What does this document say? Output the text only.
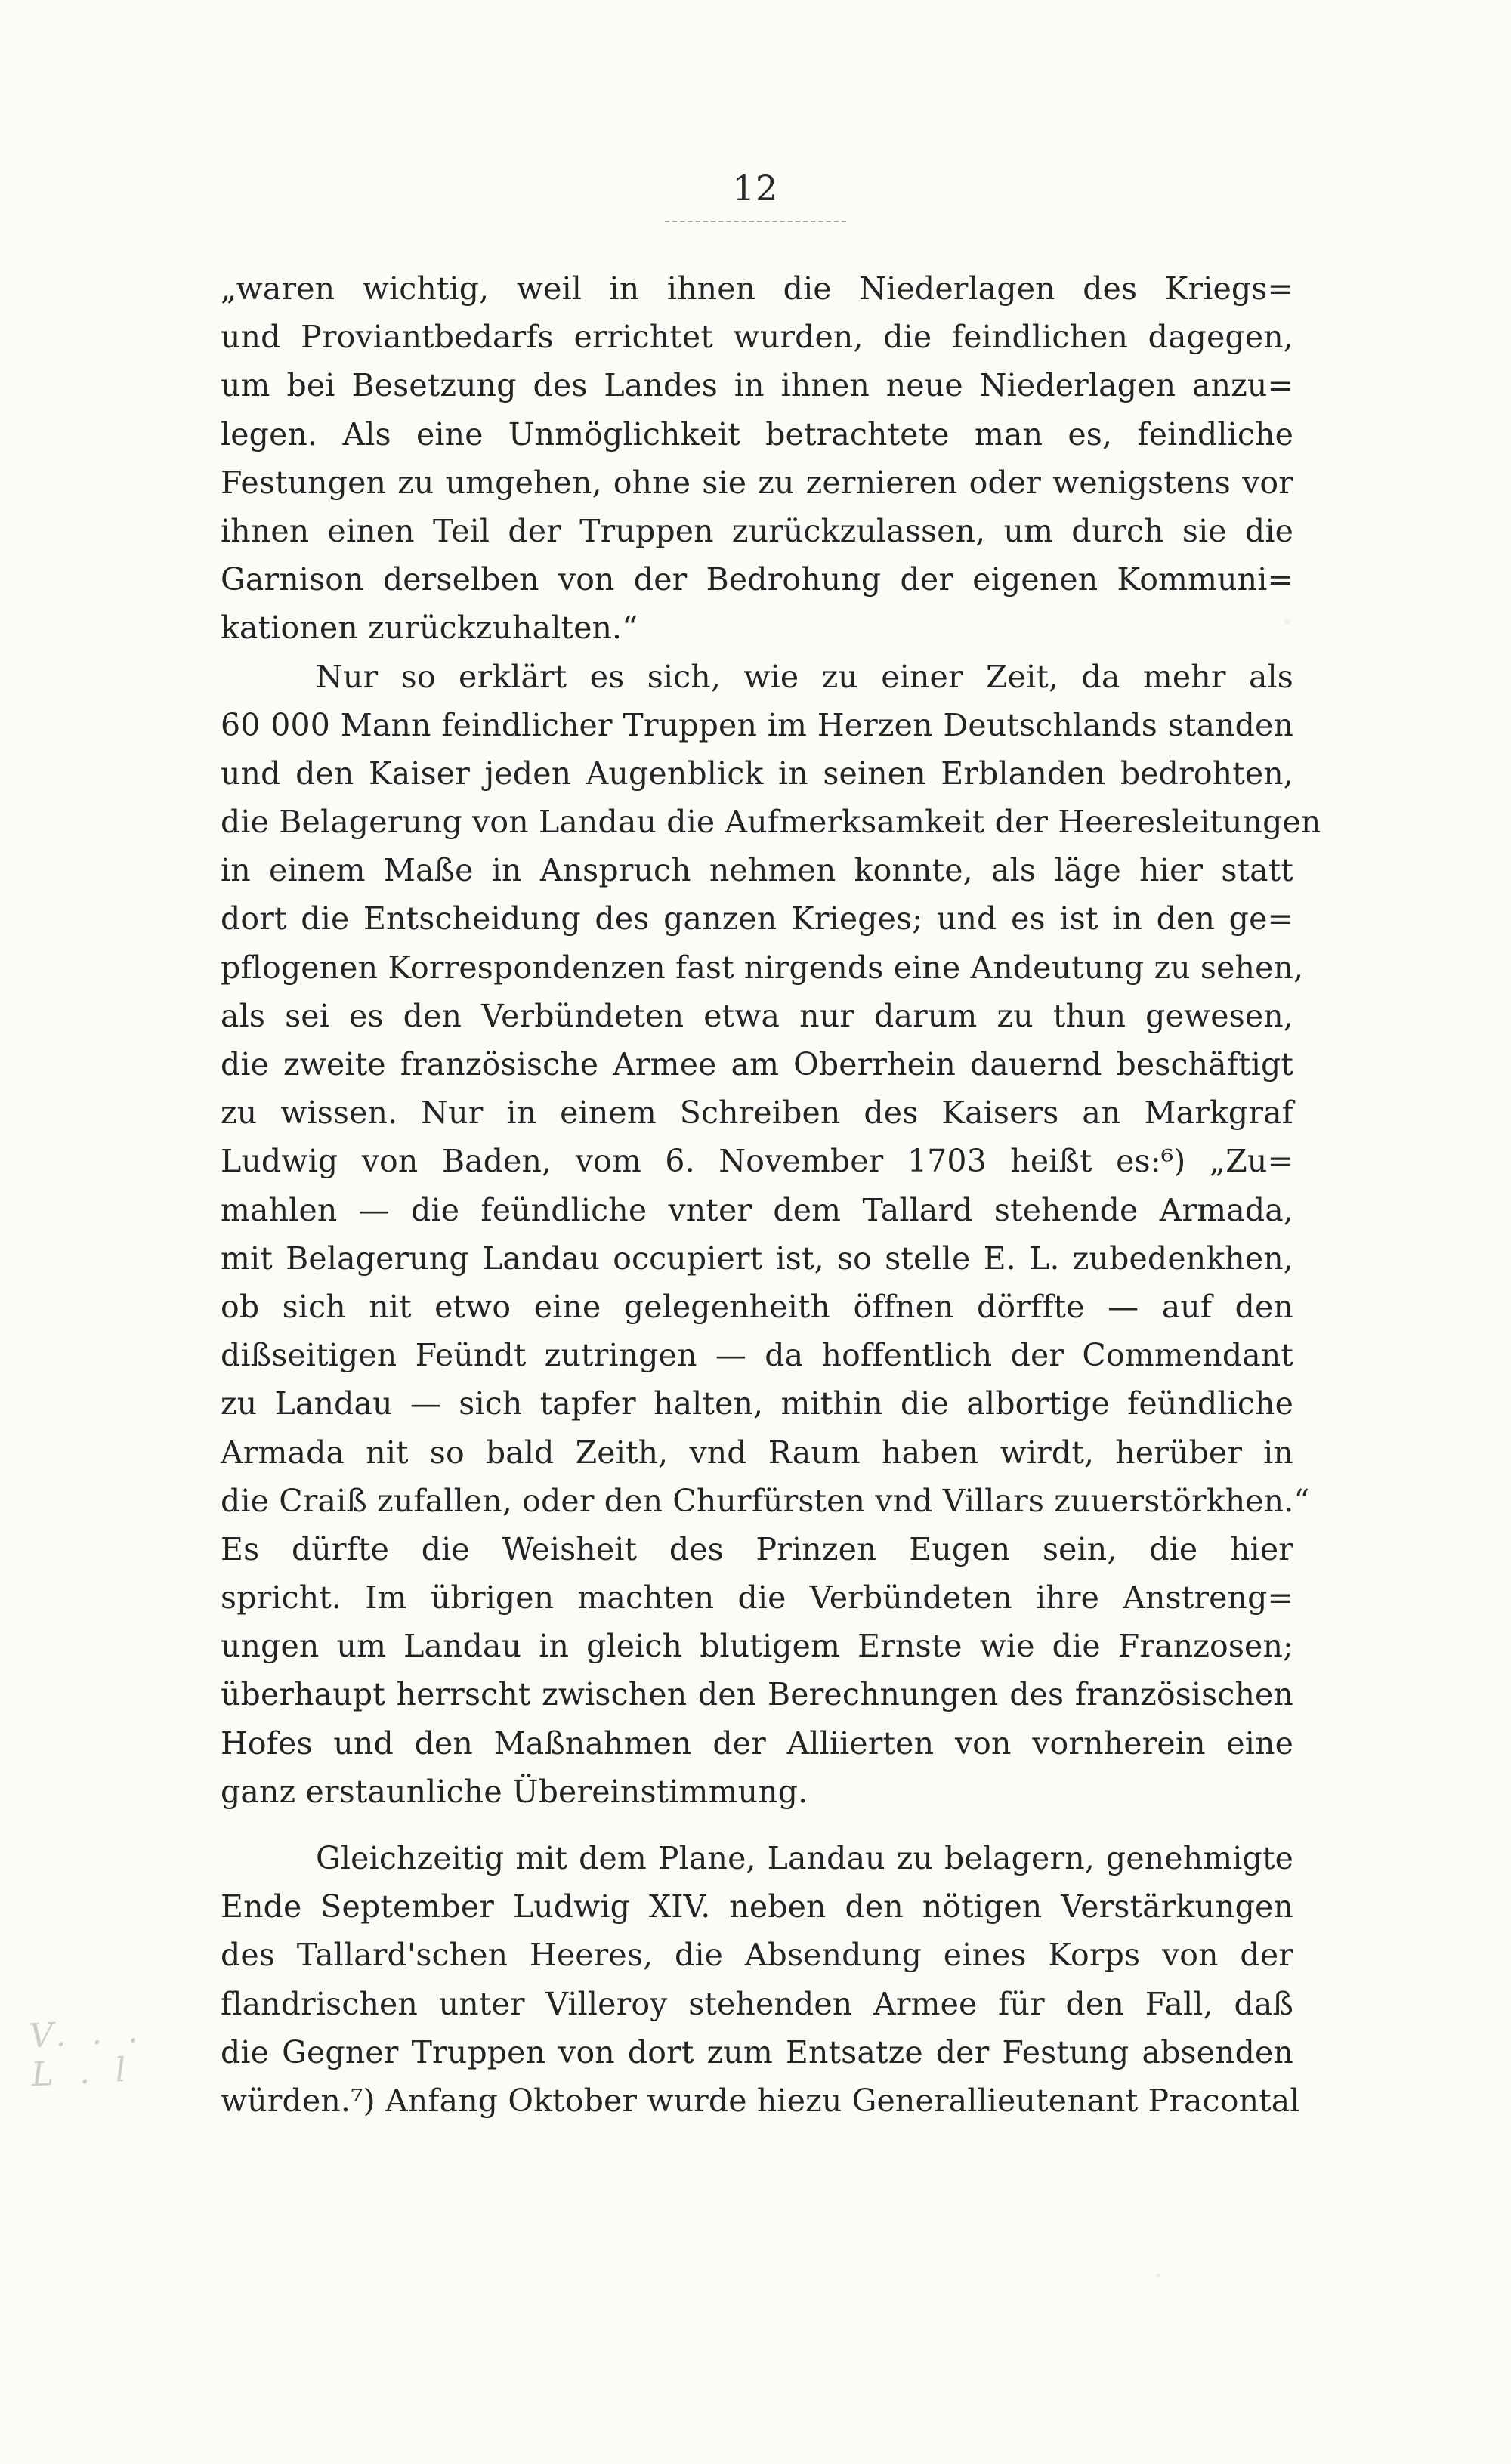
12
V. . . L . l
„waren wichtig, weil in ihnen die Niederlagen des Kriegs=
und Proviantbedarfs errichtet wurden, die feindlichen dagegen,
um bei Besetzung des Landes in ihnen neue Niederlagen anzu=
legen. Als eine Unmöglichkeit betrachtete man es, feindliche
Festungen zu umgehen, ohne sie zu zernieren oder wenigstens vor
ihnen einen Teil der Truppen zurückzulassen, um durch sie die
Garnison derselben von der Bedrohung der eigenen Kommuni=
kationen zurückzuhalten.“
Nur so erklärt es sich, wie zu einer Zeit, da mehr als
60 000 Mann feindlicher Truppen im Herzen Deutschlands standen
und den Kaiser jeden Augenblick in seinen Erblanden bedrohten,
die Belagerung von Landau die Aufmerksamkeit der Heeresleitungen
in einem Maße in Anspruch nehmen konnte, als läge hier statt
dort die Entscheidung des ganzen Krieges; und es ist in den ge=
pflogenen Korrespondenzen fast nirgends eine Andeutung zu sehen,
als sei es den Verbündeten etwa nur darum zu thun gewesen,
die zweite französische Armee am Oberrhein dauernd beschäftigt
zu wissen. Nur in einem Schreiben des Kaisers an Markgraf
Ludwig von Baden, vom 6. November 1703 heißt es:⁶) „Zu=
mahlen — die feündliche vnter dem Tallard stehende Armada,
mit Belagerung Landau occupiert ist, so stelle E. L. zubedenkhen,
ob sich nit etwo eine gelegenheith öffnen dörffte — auf den
dißseitigen Feündt zutringen — da hoffentlich der Commendant
zu Landau — sich tapfer halten, mithin die albortige feündliche
Armada nit so bald Zeith, vnd Raum haben wirdt, herüber in
die Craiß zufallen, oder den Churfürsten vnd Villars zuuerstörkhen.“
Es dürfte die Weisheit des Prinzen Eugen sein, die hier
spricht. Im übrigen machten die Verbündeten ihre Anstreng=
ungen um Landau in gleich blutigem Ernste wie die Franzosen;
überhaupt herrscht zwischen den Berechnungen des französischen
Hofes und den Maßnahmen der Alliierten von vornherein eine
ganz erstaunliche Übereinstimmung.
Gleichzeitig mit dem Plane, Landau zu belagern, genehmigte
Ende September Ludwig XIV. neben den nötigen Verstärkungen
des Tallard'schen Heeres, die Absendung eines Korps von der
flandrischen unter Villeroy stehenden Armee für den Fall, daß
die Gegner Truppen von dort zum Entsatze der Festung absenden
würden.⁷) Anfang Oktober wurde hiezu Generallieutenant Pracontal
